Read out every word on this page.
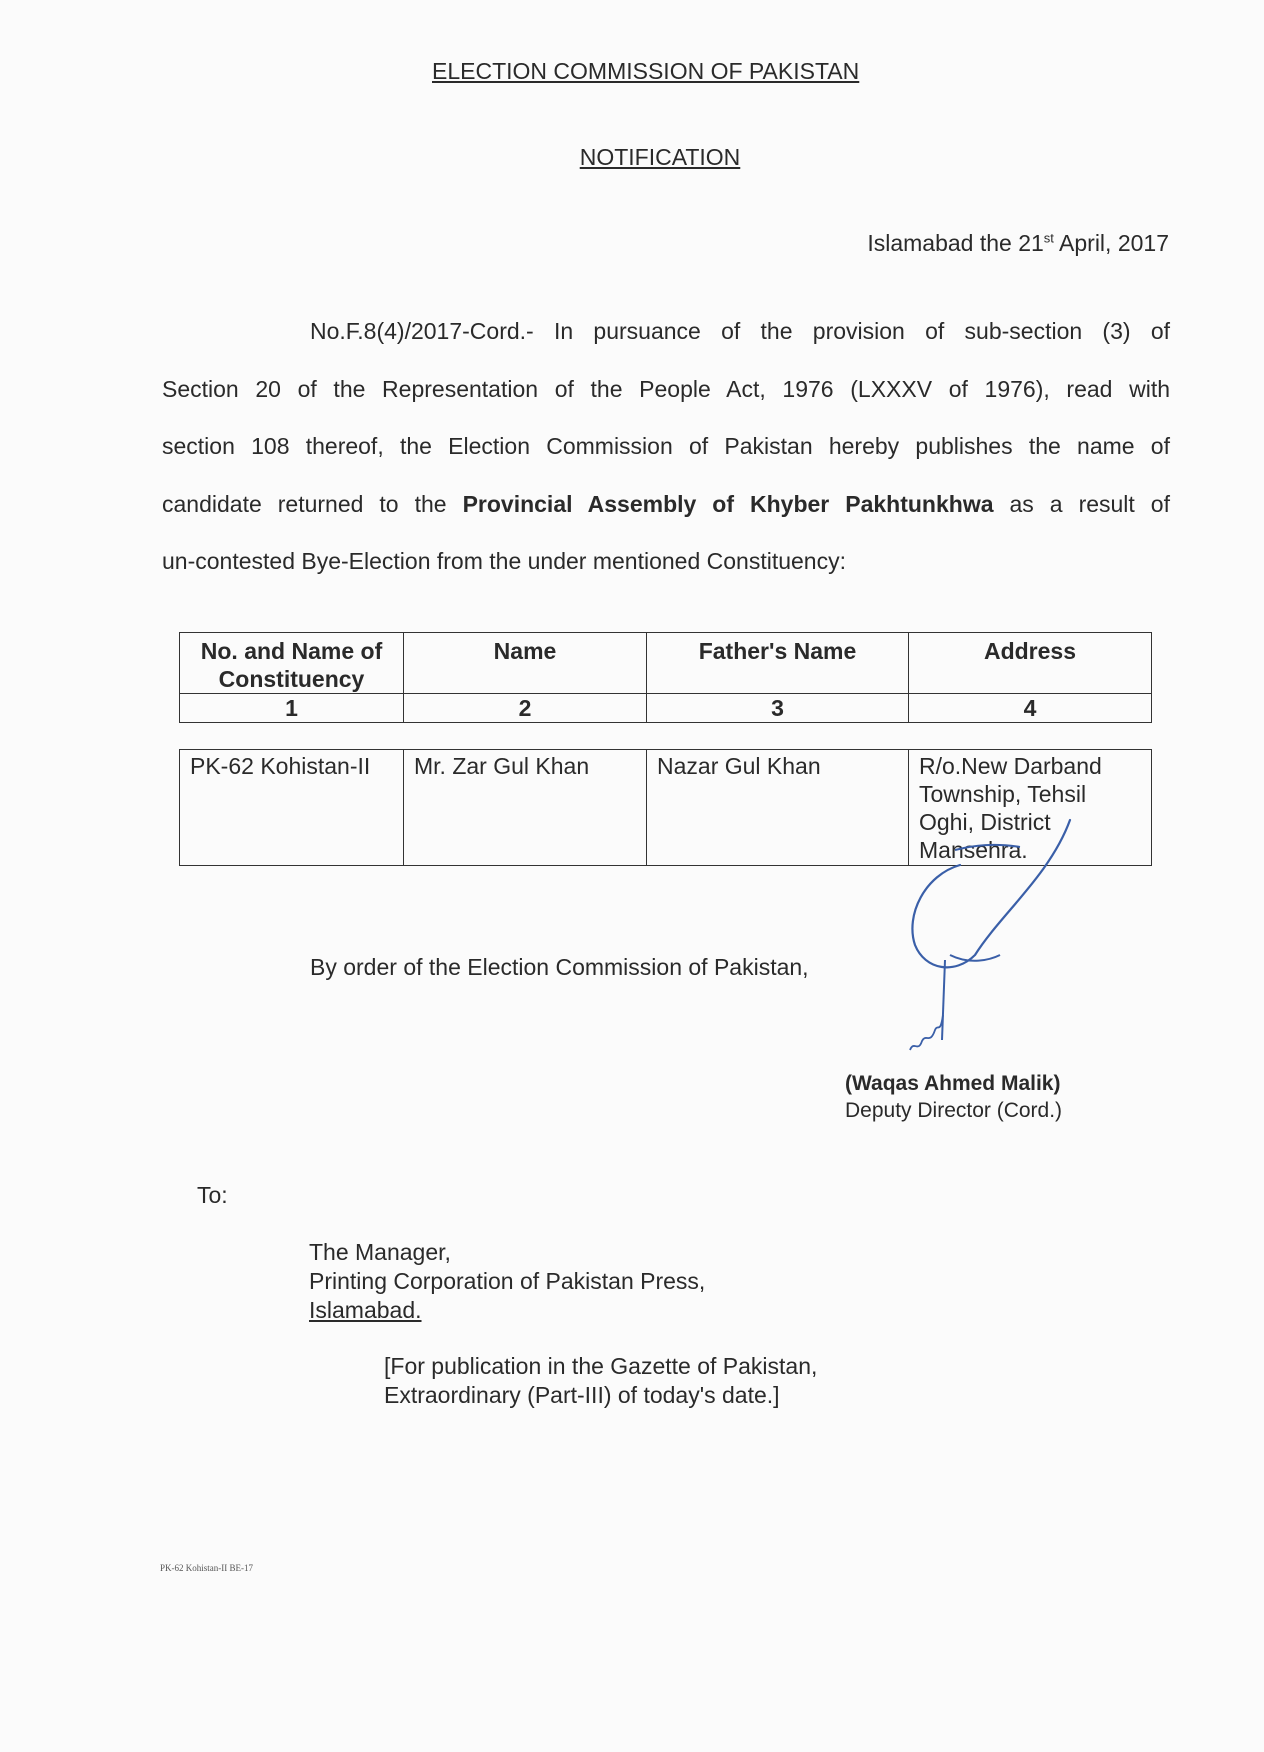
ELECTION COMMISSION OF PAKISTAN
NOTIFICATION
Islamabad the 21st April, 2017
No.F.8(4)/2017-Cord.- In pursuance of the provision of sub-section (3) of
Section 20 of the Representation of the People Act, 1976 (LXXXV of 1976), read with
section 108 thereof, the Election Commission of Pakistan hereby publishes the name of
candidate returned to the Provincial Assembly of Khyber Pakhtunkhwa as a result of
un-contested Bye-Election from the under mentioned Constituency:
No. and Name of Constituency	Name	Father's Name	Address
1	2	3	4
PK-62 Kohistan-II	Mr. Zar Gul Khan	Nazar Gul Khan	R/o.New Darband
Township, Tehsil
Oghi, District
Mansehra.
By order of the Election Commission of Pakistan,
(Waqas Ahmed Malik)
Deputy Director (Cord.)
To:
The Manager,
Printing Corporation of Pakistan Press,
Islamabad.
[For publication in the Gazette of Pakistan,
Extraordinary (Part-III) of today's date.]
PK-62 Kohistan-II BE-17
